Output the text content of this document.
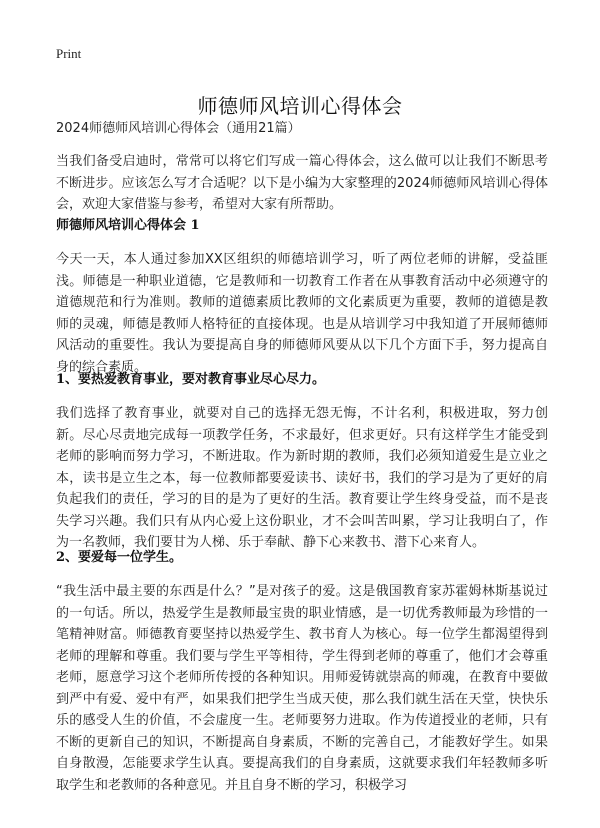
Print
师德师风培训心得体会
2024师德师风培训心得体会（通用21篇）

当我们备受启迪时，常常可以将它们写成一篇心得体会，这么做可以让我们不断思考不断进步。应该怎么写才合适呢？以下是小编为大家整理的2024师德师风培训心得体会，欢迎大家借鉴与参考，希望对大家有所帮助。

师德师风培训心得体会 1

今天一天，本人通过参加XX区组织的师德培训学习，听了两位老师的讲解，受益匪浅。师德是一种职业道德，它是教师和一切教育工作者在从事教育活动中必须遵守的道德规范和行为准则。教师的道德素质比教师的文化素质更为重要，教师的道德是教师的灵魂，师德是教师人格特征的直接体现。也是从培训学习中我知道了开展师德师风活动的重要性。我认为要提高自身的师德师风要从以下几个方面下手，努力提高自身的综合素质。

1、要热爱教育事业，要对教育事业尽心尽力。

我们选择了教育事业，就要对自己的选择无怨无悔，不计名利，积极进取，努力创新。尽心尽责地完成每一项教学任务，不求最好，但求更好。只有这样学生才能受到老师的影响而努力学习，不断进取。作为新时期的教师，我们必须知道爱生是立业之本，读书是立生之本，每一位教师都要爱读书、读好书，我们的学习是为了更好的肩负起我们的责任，学习的目的是为了更好的生活。教育要让学生终身受益，而不是丧失学习兴趣。我们只有从内心爱上这份职业，才不会叫苦叫累，学习让我明白了，作为一名教师，我们要甘为人梯、乐于奉献、静下心来教书、潜下心来育人。

2、要爱每一位学生。

“我生活中最主要的东西是什么？”是对孩子的爱。这是俄国教育家苏霍姆林斯基说过的一句话。所以，热爱学生是教师最宝贵的职业情感，是一切优秀教师最为珍惜的一笔精神财富。师德教育要坚持以热爱学生、教书育人为核心。每一位学生都渴望得到老师的理解和尊重。我们要与学生平等相待，学生得到老师的尊重了，他们才会尊重老师，愿意学习这个老师所传授的各种知识。用师爱铸就崇高的师魂，在教育中要做到严中有爱、爱中有严，如果我们把学生当成天使，那么我们就生活在天堂，快快乐乐的感受人生的价值，不会虚度一生。老师要努力进取。作为传道授业的老师，只有不断的更新自己的知识，不断提高自身素质，不断的完善自己，才能教好学生。如果自身散漫，怎能要求学生认真。要提高我们的自身素质，这就要求我们年轻教师多听取学生和老教师的各种意见。并且自身不断的学习，积极学习
